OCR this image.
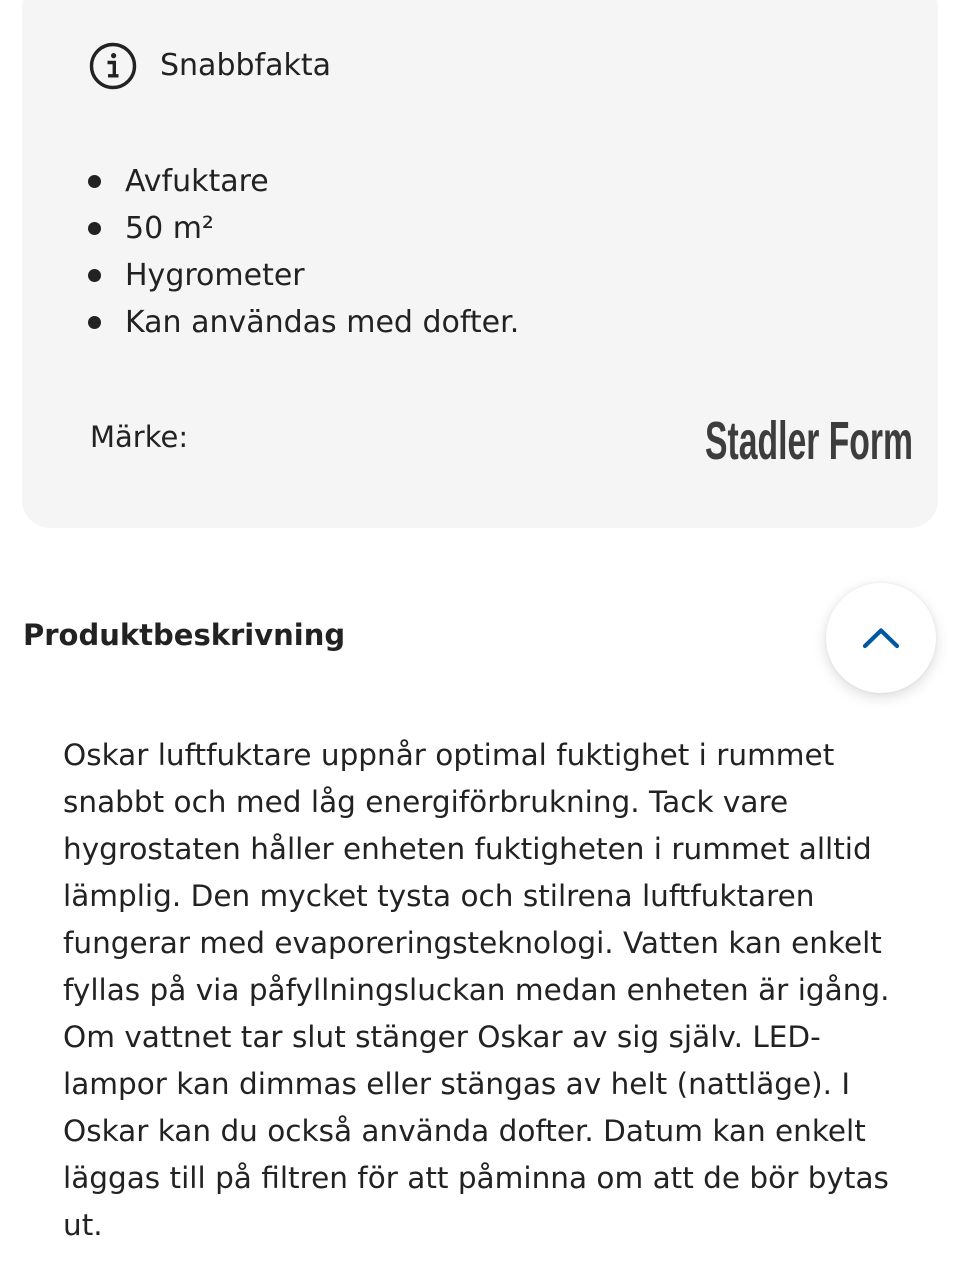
Snabbfakta
Avfuktare
50 m²
Hygrometer
Kan användas med dofter.
Märke:	Stadler Form
Produktbeskrivning

Oskar luftfuktare uppnår optimal fuktighet i rummet snabbt och med låg energiförbrukning. Tack vare hygrostaten håller enheten fuktigheten i rummet alltid lämplig. Den mycket tysta och stilrena luftfuktaren fungerar med evaporeringsteknologi. Vatten kan enkelt fyllas på via påfyllningsluckan medan enheten är igång. Om vattnet tar slut stänger Oskar av sig själv. LED-lampor kan dimmas eller stängas av helt (nattläge). I Oskar kan du också använda dofter. Datum kan enkelt läggas till på filtren för att påminna om att de bör bytas ut.
